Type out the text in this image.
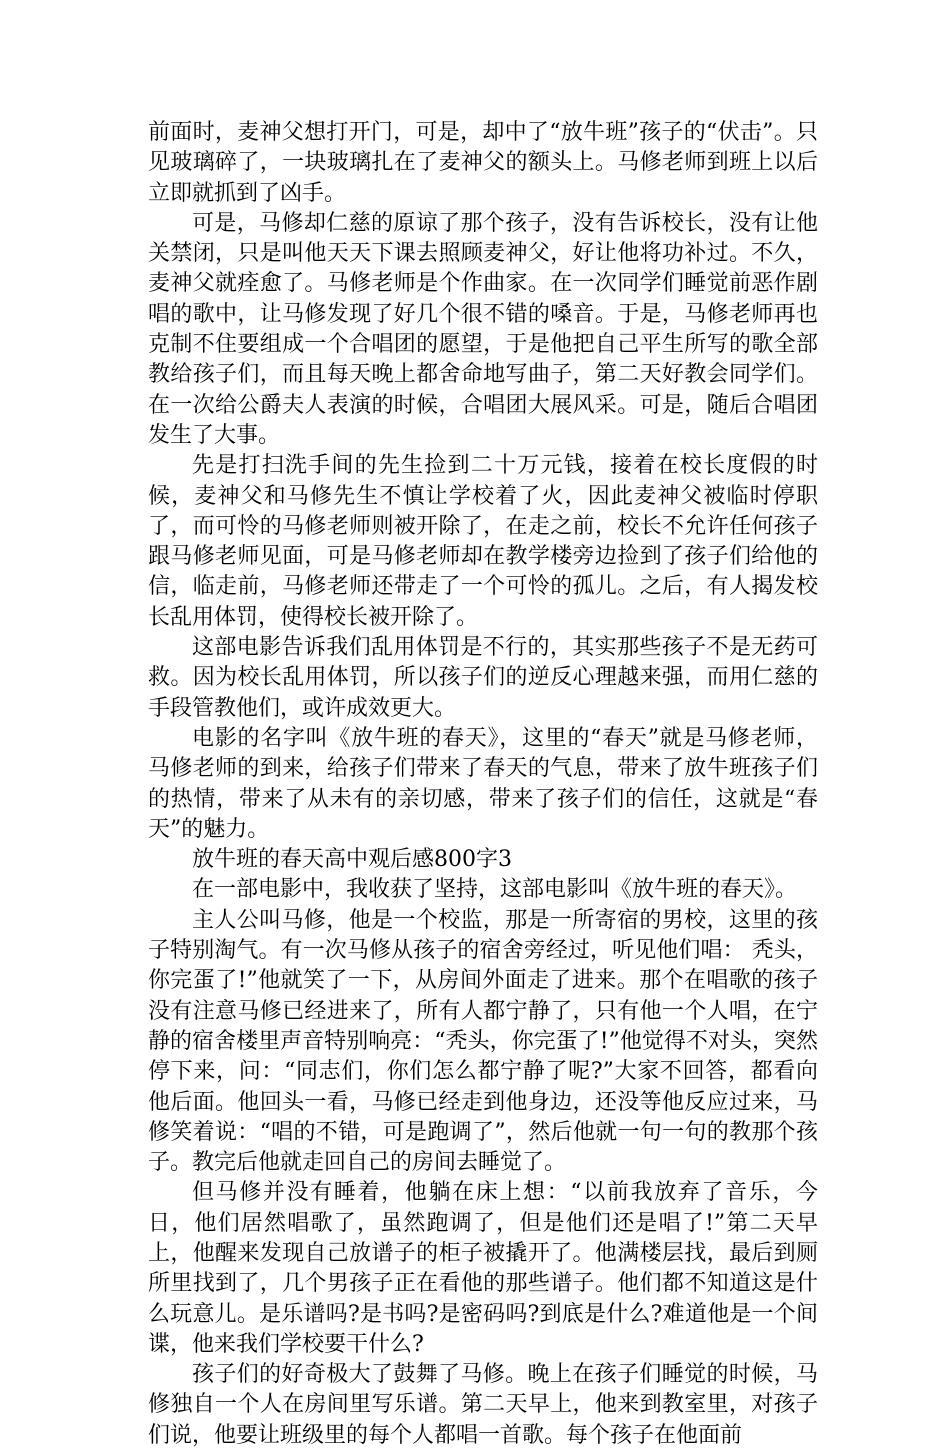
前面时，麦神父想打开门，可是，却中了“放牛班”孩子的“伏击”。只见玻璃碎了，一块玻璃扎在了麦神父的额头上。马修老师到班上以后立即就抓到了凶手。

可是，马修却仁慈的原谅了那个孩子，没有告诉校长，没有让他关禁闭，只是叫他天天下课去照顾麦神父，好让他将功补过。不久，麦神父就痊愈了。马修老师是个作曲家。在一次同学们睡觉前恶作剧唱的歌中，让马修发现了好几个很不错的嗓音。于是，马修老师再也克制不住要组成一个合唱团的愿望，于是他把自己平生所写的歌全部教给孩子们，而且每天晚上都舍命地写曲子，第二天好教会同学们。在一次给公爵夫人表演的时候，合唱团大展风采。可是，随后合唱团发生了大事。

先是打扫洗手间的先生捡到二十万元钱，接着在校长度假的时候，麦神父和马修先生不慎让学校着了火，因此麦神父被临时停职了，而可怜的马修老师则被开除了，在走之前，校长不允许任何孩子跟马修老师见面，可是马修老师却在教学楼旁边捡到了孩子们给他的信，临走前，马修老师还带走了一个可怜的孤儿。之后，有人揭发校长乱用体罚，使得校长被开除了。

这部电影告诉我们乱用体罚是不行的，其实那些孩子不是无药可救。因为校长乱用体罚，所以孩子们的逆反心理越来强，而用仁慈的手段管教他们，或许成效更大。

电影的名字叫《放牛班的春天》，这里的“春天”就是马修老师，马修老师的到来，给孩子们带来了春天的气息，带来了放牛班孩子们的热情，带来了从未有的亲切感，带来了孩子们的信任，这就是“春天”的魅力。

放牛班的春天高中观后感800字3

在一部电影中，我收获了坚持，这部电影叫《放牛班的春天》。

主人公叫马修，他是一个校监，那是一所寄宿的男校，这里的孩子特别淘气。有一次马修从孩子的宿舍旁经过，听见他们唱： 秃头，你完蛋了!”他就笑了一下，从房间外面走了进来。那个在唱歌的孩子没有注意马修已经进来了，所有人都宁静了，只有他一个人唱，在宁静的宿舍楼里声音特别响亮：“秃头，你完蛋了!”他觉得不对头，突然停下来，问：“同志们，你们怎么都宁静了呢?”大家不回答，都看向他后面。他回头一看，马修已经走到他身边，还没等他反应过来，马修笑着说：“唱的不错，可是跑调了”，然后他就一句一句的教那个孩子。教完后他就走回自己的房间去睡觉了。

但马修并没有睡着，他躺在床上想：“以前我放弃了音乐，今日，他们居然唱歌了，虽然跑调了，但是他们还是唱了!”第二天早上，他醒来发现自己放谱子的柜子被撬开了。他满楼层找，最后到厕所里找到了，几个男孩子正在看他的那些谱子。他们都不知道这是什么玩意儿。是乐谱吗?是书吗?是密码吗?到底是什么?难道他是一个间谍，他来我们学校要干什么?

孩子们的好奇极大了鼓舞了马修。晚上在孩子们睡觉的时候，马修独自一个人在房间里写乐谱。第二天早上，他来到教室里，对孩子们说，他要让班级里的每个人都唱一首歌。每个孩子在他面前
